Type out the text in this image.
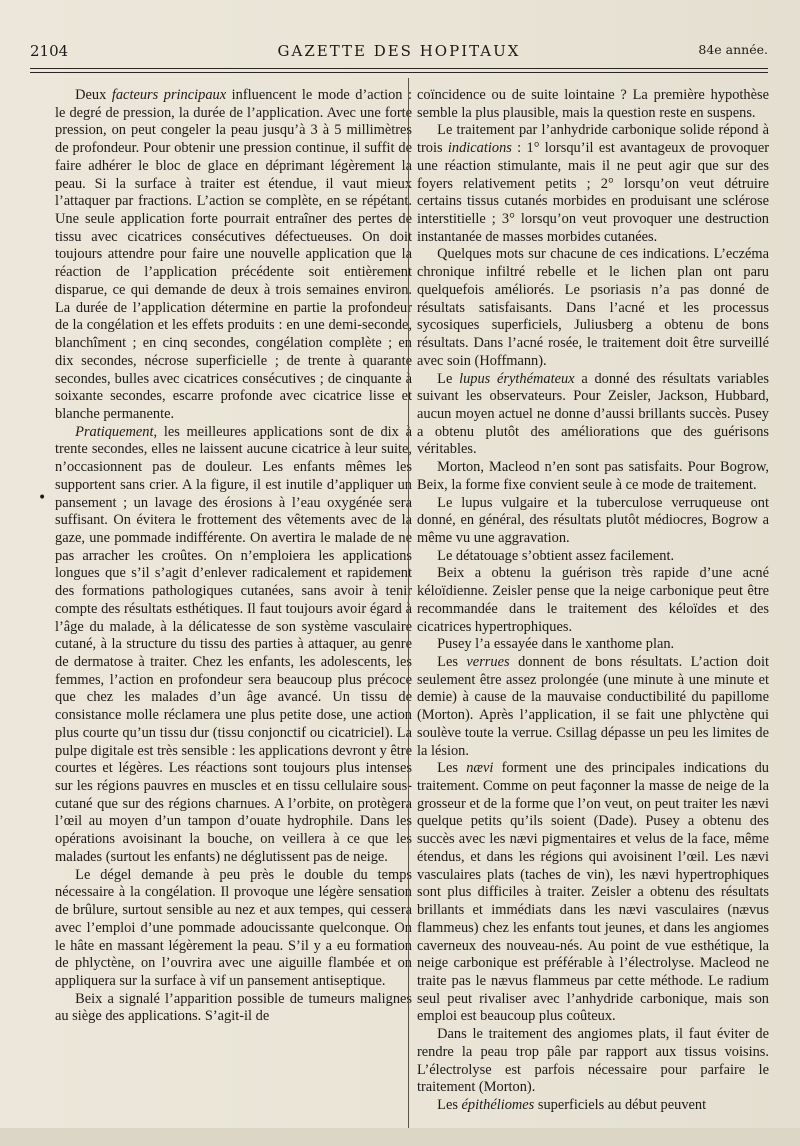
2104	GAZETTE DES HOPITAUX	84e année.

Deux facteurs principaux influencent le mode d’action : le degré de pression, la durée de l’application. Avec une forte pression, on peut congeler la peau jusqu’à 3 à 5 millimètres de profondeur. Pour obtenir une pression continue, il suffit de faire adhérer le bloc de glace en déprimant légèrement la peau. Si la surface à traiter est étendue, il vaut mieux l’attaquer par fractions. L’action se complète, en se répétant. Une seule application forte pourrait entraîner des pertes de tissu avec cicatrices consécutives défectueuses. On doit toujours attendre pour faire une nouvelle application que la réaction de l’application précédente soit entièrement disparue, ce qui demande de deux à trois semaines environ. La durée de l’application détermine en partie la profondeur de la congélation et les effets produits : en une demi-seconde, blanchîment ; en cinq secondes, congélation complète ; en dix secondes, nécrose superficielle ; de trente à quarante secondes, bulles avec cicatrices consécutives ; de cinquante à soixante secondes, escarre profonde avec cicatrice lisse et blanche permanente.

Pratiquement, les meilleures applications sont de dix à trente secondes, elles ne laissent aucune cicatrice à leur suite, n’occasionnent pas de douleur. Les enfants mêmes les supportent sans crier. A la figure, il est inutile d’appliquer un pansement ; un lavage des érosions à l’eau oxygénée sera suffisant. On évitera le frottement des vêtements avec de la gaze, une pommade indifférente. On avertira le malade de ne pas arracher les croûtes. On n’emploiera les applications longues que s’il s’agit d’enlever radicalement et rapidement des formations pathologiques cutanées, sans avoir à tenir compte des résultats esthétiques. Il faut toujours avoir égard à l’âge du malade, à la délicatesse de son système vasculaire cutané, à la structure du tissu des parties à attaquer, au genre de dermatose à traiter. Chez les enfants, les adolescents, les femmes, l’action en profondeur sera beaucoup plus précoce que chez les malades d’un âge avancé. Un tissu de consistance molle réclamera une plus petite dose, une action plus courte qu’un tissu dur (tissu conjonctif ou cicatriciel). La pulpe digitale est très sensible : les applications devront y être courtes et légères. Les réactions sont toujours plus intenses sur les régions pauvres en muscles et en tissu cellulaire sous-cutané que sur des régions charnues. A l’orbite, on protègera l’œil au moyen d’un tampon d’ouate hydrophile. Dans les opérations avoisinant la bouche, on veillera à ce que les malades (surtout les enfants) ne déglutissent pas de neige.

Le dégel demande à peu près le double du temps nécessaire à la congélation. Il provoque une légère sensation de brûlure, surtout sensible au nez et aux tempes, qui cessera avec l’emploi d’une pommade adoucissante quelconque. On le hâte en massant légèrement la peau. S’il y a eu formation de phlyctène, on l’ouvrira avec une aiguille flambée et on appliquera sur la surface à vif un pansement antiseptique.

Beix a signalé l’apparition possible de tumeurs malignes au siège des applications. S’agit-il de

coïncidence ou de suite lointaine ? La première hypothèse semble la plus plausible, mais la question reste en suspens.

Le traitement par l’anhydride carbonique solide répond à trois indications : 1° lorsqu’il est avantageux de provoquer une réaction stimulante, mais il ne peut agir que sur des foyers relativement petits ; 2° lorsqu’on veut détruire certains tissus cutanés morbides en produisant une sclérose interstitielle ; 3° lorsqu’on veut provoquer une destruction instantanée de masses morbides cutanées.

Quelques mots sur chacune de ces indications. L’eczéma chronique infiltré rebelle et le lichen plan ont paru quelquefois améliorés. Le psoriasis n’a pas donné de résultats satisfaisants. Dans l’acné et les processus sycosiques superficiels, Juliusberg a obtenu de bons résultats. Dans l’acné rosée, le traitement doit être surveillé avec soin (Hoffmann).

Le lupus érythémateux a donné des résultats variables suivant les observateurs. Pour Zeisler, Jackson, Hubbard, aucun moyen actuel ne donne d’aussi brillants succès. Pusey a obtenu plutôt des améliorations que des guérisons véritables.

Morton, Macleod n’en sont pas satisfaits. Pour Bogrow, Beix, la forme fixe convient seule à ce mode de traitement.

Le lupus vulgaire et la tuberculose verruqueuse ont donné, en général, des résultats plutôt médiocres, Bogrow a même vu une aggravation.

Le détatouage s’obtient assez facilement.

Beix a obtenu la guérison très rapide d’une acné kéloïdienne. Zeisler pense que la neige carbonique peut être recommandée dans le traitement des kéloïdes et des cicatrices hypertrophiques.

Pusey l’a essayée dans le xanthome plan.

Les verrues donnent de bons résultats. L’action doit seulement être assez prolongée (une minute à une minute et demie) à cause de la mauvaise conductibilité du papillome (Morton). Après l’application, il se fait une phlyctène qui soulève toute la verrue. Csillag dépasse un peu les limites de la lésion.

Les nævi forment une des principales indications du traitement. Comme on peut façonner la masse de neige de la grosseur et de la forme que l’on veut, on peut traiter les nævi quelque petits qu’ils soient (Dade). Pusey a obtenu des succès avec les nævi pigmentaires et velus de la face, même étendus, et dans les régions qui avoisinent l’œil. Les nævi vasculaires plats (taches de vin), les nævi hypertrophiques sont plus difficiles à traiter. Zeisler a obtenu des résultats brillants et immédiats dans les nævi vasculaires (nævus flammeus) chez les enfants tout jeunes, et dans les angiomes caverneux des nouveau-nés. Au point de vue esthétique, la neige carbonique est préférable à l’électrolyse. Macleod ne traite pas le nævus flammeus par cette méthode. Le radium seul peut rivaliser avec l’anhydride carbonique, mais son emploi est beaucoup plus coûteux.

Dans le traitement des angiomes plats, il faut éviter de rendre la peau trop pâle par rapport aux tissus voisins. L’électrolyse est parfois nécessaire pour parfaire le traitement (Morton).

Les épithéliomes superficiels au début peuvent

•
